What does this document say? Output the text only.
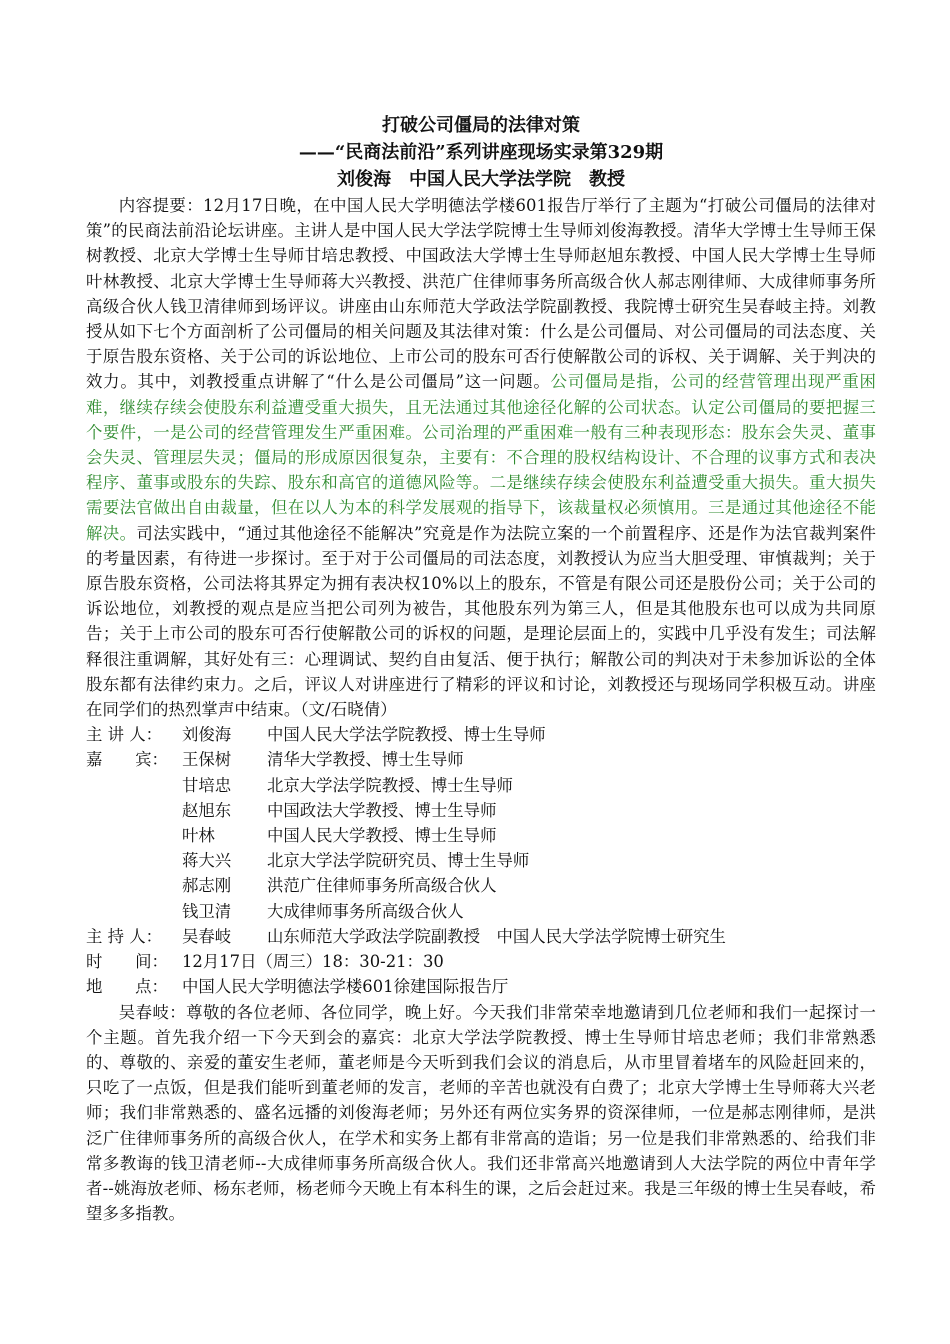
打破公司僵局的法律对策

——“民商法前沿”系列讲座现场实录第329期

刘俊海　中国人民大学法学院　教授

内容提要：12月17日晚，在中国人民大学明德法学楼601报告厅举行了主题为“打破公司僵局的法律对策”的民商法前沿论坛讲座。主讲人是中国人民大学法学院博士生导师刘俊海教授。清华大学博士生导师王保树教授、北京大学博士生导师甘培忠教授、中国政法大学博士生导师赵旭东教授、中国人民大学博士生导师叶林教授、北京大学博士生导师蒋大兴教授、洪范广住律师事务所高级合伙人郝志刚律师、大成律师事务所高级合伙人钱卫清律师到场评议。讲座由山东师范大学政法学院副教授、我院博士研究生吴春岐主持。刘教授从如下七个方面剖析了公司僵局的相关问题及其法律对策：什么是公司僵局、对公司僵局的司法态度、关于原告股东资格、关于公司的诉讼地位、上市公司的股东可否行使解散公司的诉权、关于调解、关于判决的效力。其中，刘教授重点讲解了“什么是公司僵局”这一问题。公司僵局是指，公司的经营管理出现严重困难，继续存续会使股东利益遭受重大损失，且无法通过其他途径化解的公司状态。认定公司僵局的要把握三个要件，一是公司的经营管理发生严重困难。公司治理的严重困难一般有三种表现形态：股东会失灵、董事会失灵、管理层失灵；僵局的形成原因很复杂，主要有：不合理的股权结构设计、不合理的议事方式和表决程序、董事或股东的失踪、股东和高官的道德风险等。二是继续存续会使股东利益遭受重大损失。重大损失需要法官做出自由裁量，但在以人为本的科学发展观的指导下，该裁量权必须慎用。三是通过其他途径不能解决。司法实践中，“通过其他途径不能解决”究竟是作为法院立案的一个前置程序、还是作为法官裁判案件的考量因素，有待进一步探讨。至于对于公司僵局的司法态度，刘教授认为应当大胆受理、审慎裁判；关于原告股东资格，公司法将其界定为拥有表决权10%以上的股东，不管是有限公司还是股份公司；关于公司的诉讼地位，刘教授的观点是应当把公司列为被告，其他股东列为第三人，但是其他股东也可以成为共同原告；关于上市公司的股东可否行使解散公司的诉权的问题，是理论层面上的，实践中几乎没有发生；司法解释很注重调解，其好处有三：心理调试、契约自由复活、便于执行；解散公司的判决对于未参加诉讼的全体股东都有法律约束力。之后，评议人对讲座进行了精彩的评议和讨论，刘教授还与现场同学积极互动。讲座在同学们的热烈掌声中结束。（文/石晓倩）

主 讲 人：	刘俊海	中国人民大学法学院教授、博士生导师
嘉　　宾： 王保树	清华大学教授、博士生导师
甘培忠	北京大学法学院教授、博士生导师
赵旭东	中国政法大学教授、博士生导师
叶林	中国人民大学教授、博士生导师
蒋大兴	北京大学法学院研究员、博士生导师
郝志刚	洪范广住律师事务所高级合伙人
钱卫清	大成律师事务所高级合伙人
主 持 人：	吴春岐	山东师范大学政法学院副教授　中国人民大学法学院博士研究生
时　　间： 12月17日（周三）18：30-21：30
地　　点： 中国人民大学明德法学楼601徐建国际报告厅

吴春岐：尊敬的各位老师、各位同学，晚上好。今天我们非常荣幸地邀请到几位老师和我们一起探讨一个主题。首先我介绍一下今天到会的嘉宾：北京大学法学院教授、博士生导师甘培忠老师；我们非常熟悉的、尊敬的、亲爱的董安生老师，董老师是今天听到我们会议的消息后，从市里冒着堵车的风险赶回来的，只吃了一点饭，但是我们能听到董老师的发言，老师的辛苦也就没有白费了；北京大学博士生导师蒋大兴老师；我们非常熟悉的、盛名远播的刘俊海老师；另外还有两位实务界的资深律师，一位是郝志刚律师，是洪泛广住律师事务所的高级合伙人，在学术和实务上都有非常高的造诣；另一位是我们非常熟悉的、给我们非常多教诲的钱卫清老师--大成律师事务所高级合伙人。我们还非常高兴地邀请到人大法学院的两位中青年学者--姚海放老师、杨东老师，杨老师今天晚上有本科生的课，之后会赶过来。我是三年级的博士生吴春岐，希望多多指教。
